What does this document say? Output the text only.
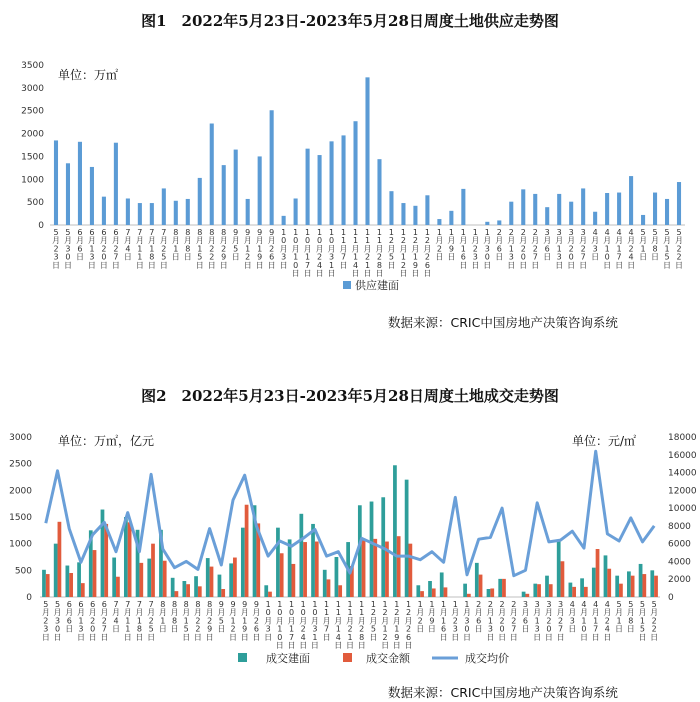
图1　2022年5月23日-2023年5月28日周度土地供应走势图
单位：万㎡
数据来源：CRIC中国房地产决策咨询系统
图2　2022年5月23日-2023年5月28日周度土地成交走势图
单位：万㎡，亿元	单位：元/㎡
数据来源：CRIC中国房地产决策咨询系统
0
500
1000
1500
2000
2500
3000
3500
5 月 2 3 日
5 月 3 0 日
6 月 6 日
6 月 1 3 日
6 月 2 0 日
6 月 2 7 日
7 月 4 日
7 月 1 1 日
7 月 1 8 日
7 月 2 5 日
8 月 1 日
8 月 8 日
8 月 1 5 日
8 月 2 2 日
8 月 2 9 日
9 月 5 日
9 月 1 2 日
9 月 1 9 日
9 月 2 6 日
1 0 月 3 日
1 0 月 1 0 日
1 0 月 1 7 日
1 0 月 2 4 日
1 0 月 3 1 日
1 1 月 7 日
1 1 月 1 4 日
1 1 月 2 1 日
1 1 月 2 8 日
1 2 月 5 日
1 2 月 1 2 日
1 2 月 1 9 日
1 2 月 2 6 日
1 月 2 日
1 月 9 日
1 月 1 6 日
1 月 2 3 日
1 月 3 0 日
2 月 6 日
2 月 1 3 日
2 月 2 0 日
2 月 2 7 日
3 月 6 日
3 月 1 3 日
3 月 2 0 日
3 月 2 7 日
4 月 3 日
4 月 1 0 日
4 月 1 7 日
4 月 2 4 日
5 月 1 日
5 月 8 日
5 月 1 5 日
5 月 2 2 日
供应建面
0
500
1000
1500
2000
2500
3000
0
2000
4000
6000
8000
10000
12000
14000
16000
18000
5 月 2 3 日
5 月 3 0 日
6 月 6 日
6 月 1 3 日
6 月 2 0 日
6 月 2 7 日
7 月 4 日
7 月 1 1 日
7 月 1 8 日
7 月 2 5 日
8 月 1 日
8 月 8 日
8 月 1 5 日
8 月 2 2 日
8 月 2 9 日
9 月 5 日
9 月 1 2 日
9 月 1 9 日
9 月 2 6 日
1 0 月 3 日
1 0 月 1 0 日
1 0 月 1 7 日
1 0 月 2 4 日
1 0 月 3 1 日
1 1 月 7 日
1 1 月 1 4 日
1 1 月 2 1 日
1 1 月 2 8 日
1 2 月 5 日
1 2 月 1 2 日
1 2 月 1 9 日
1 2 月 2 6 日
1 月 2 日
1 月 9 日
1 月 1 6 日
1 月 2 3 日
1 月 3 0 日
2 月 6 日
2 月 1 3 日
2 月 2 0 日
2 月 2 7 日
3 月 6 日
3 月 1 3 日
3 月 2 0 日
3 月 2 7 日
4 月 3 日
4 月 1 0 日
4 月 1 7 日
4 月 2 4 日
5 月 1 日
5 月 8 日
5 月 1 5 日
5 月 2 2 日
成交建面	成交金额	成交均价
